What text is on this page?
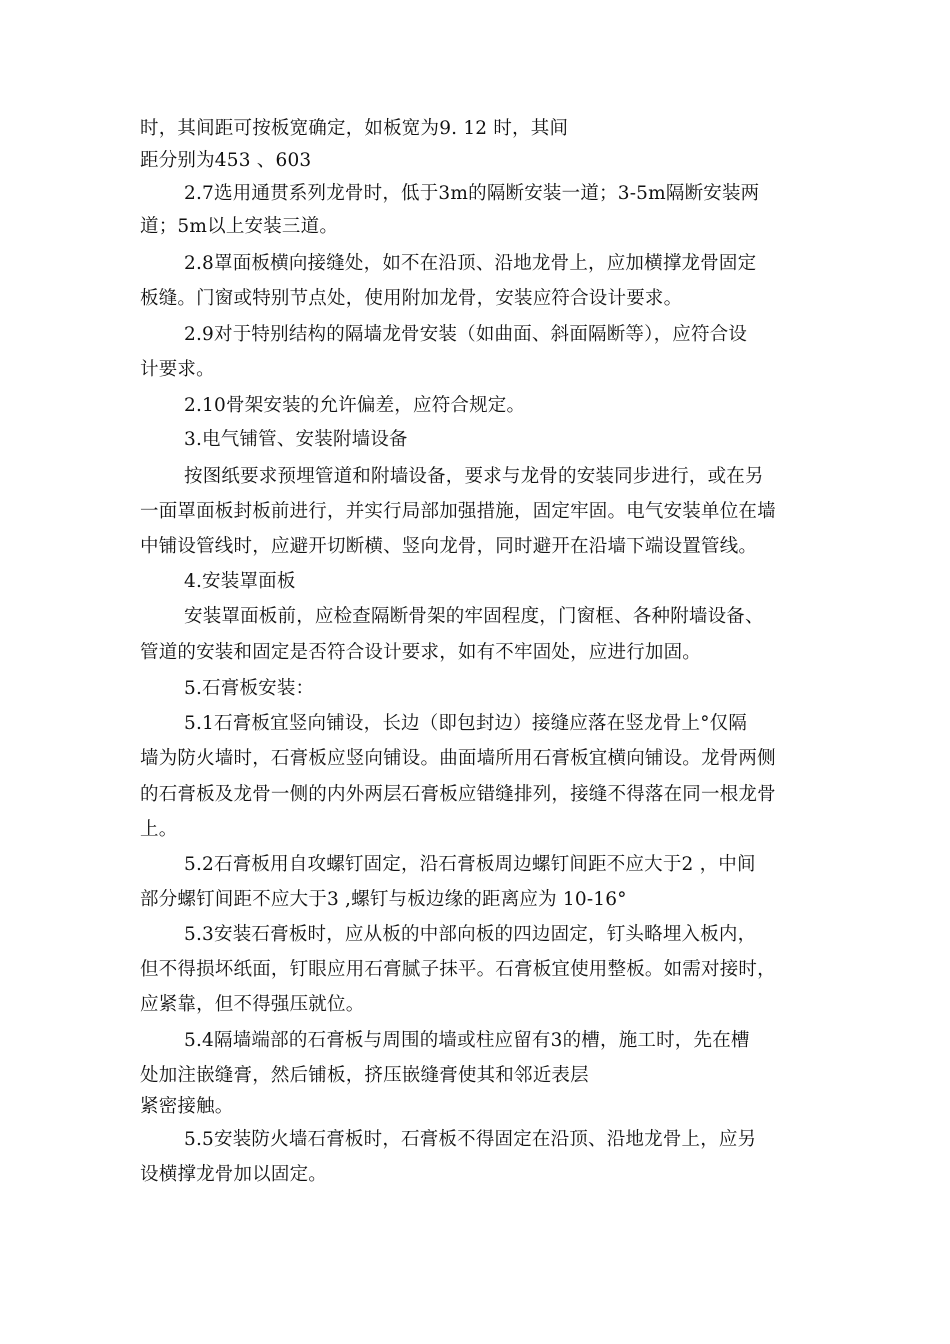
时，其间距可按板宽确定，如板宽为9. 12 时，其间
距分别为453 、603
2.7选用通贯系列龙骨时，低于3m的隔断安装一道；3-5m隔断安装两
道；5m以上安装三道。
2.8罩面板横向接缝处，如不在沿顶、沿地龙骨上，应加横撑龙骨固定
板缝。门窗或特别节点处，使用附加龙骨，安装应符合设计要求。
2.9对于特别结构的隔墙龙骨安装（如曲面、斜面隔断等），应符合设
计要求。
2.10骨架安装的允许偏差，应符合规定。
3.电气铺管、安装附墙设备
按图纸要求预埋管道和附墙设备，要求与龙骨的安装同步进行，或在另
一面罩面板封板前进行，并实行局部加强措施，固定牢固。电气安装单位在墙
中铺设管线时，应避开切断横、竖向龙骨，同时避开在沿墙下端设置管线。
4.安装罩面板
安装罩面板前，应检查隔断骨架的牢固程度，门窗框、各种附墙设备、
管道的安装和固定是否符合设计要求，如有不牢固处，应进行加固。
5.石膏板安装：
5.1石膏板宜竖向铺设，长边（即包封边）接缝应落在竖龙骨上°仅隔
墙为防火墙时，石膏板应竖向铺设。曲面墙所用石膏板宜横向铺设。龙骨两侧
的石膏板及龙骨一侧的内外两层石膏板应错缝排列，接缝不得落在同一根龙骨
上。
5.2石膏板用自攻螺钉固定，沿石膏板周边螺钉间距不应大于2 ，中间
部分螺钉间距不应大于3 ,螺钉与板边缘的距离应为 10-16°
5.3安装石膏板时，应从板的中部向板的四边固定，钉头略埋入板内，
但不得损坏纸面，钉眼应用石膏腻子抹平。石膏板宜使用整板。如需对接时，
应紧靠，但不得强压就位。
5.4隔墙端部的石膏板与周围的墙或柱应留有3的槽，施工时，先在槽
处加注嵌缝膏，然后铺板，挤压嵌缝膏使其和邻近表层
紧密接触。
5.5安装防火墙石膏板时，石膏板不得固定在沿顶、沿地龙骨上，应另
设横撑龙骨加以固定。
